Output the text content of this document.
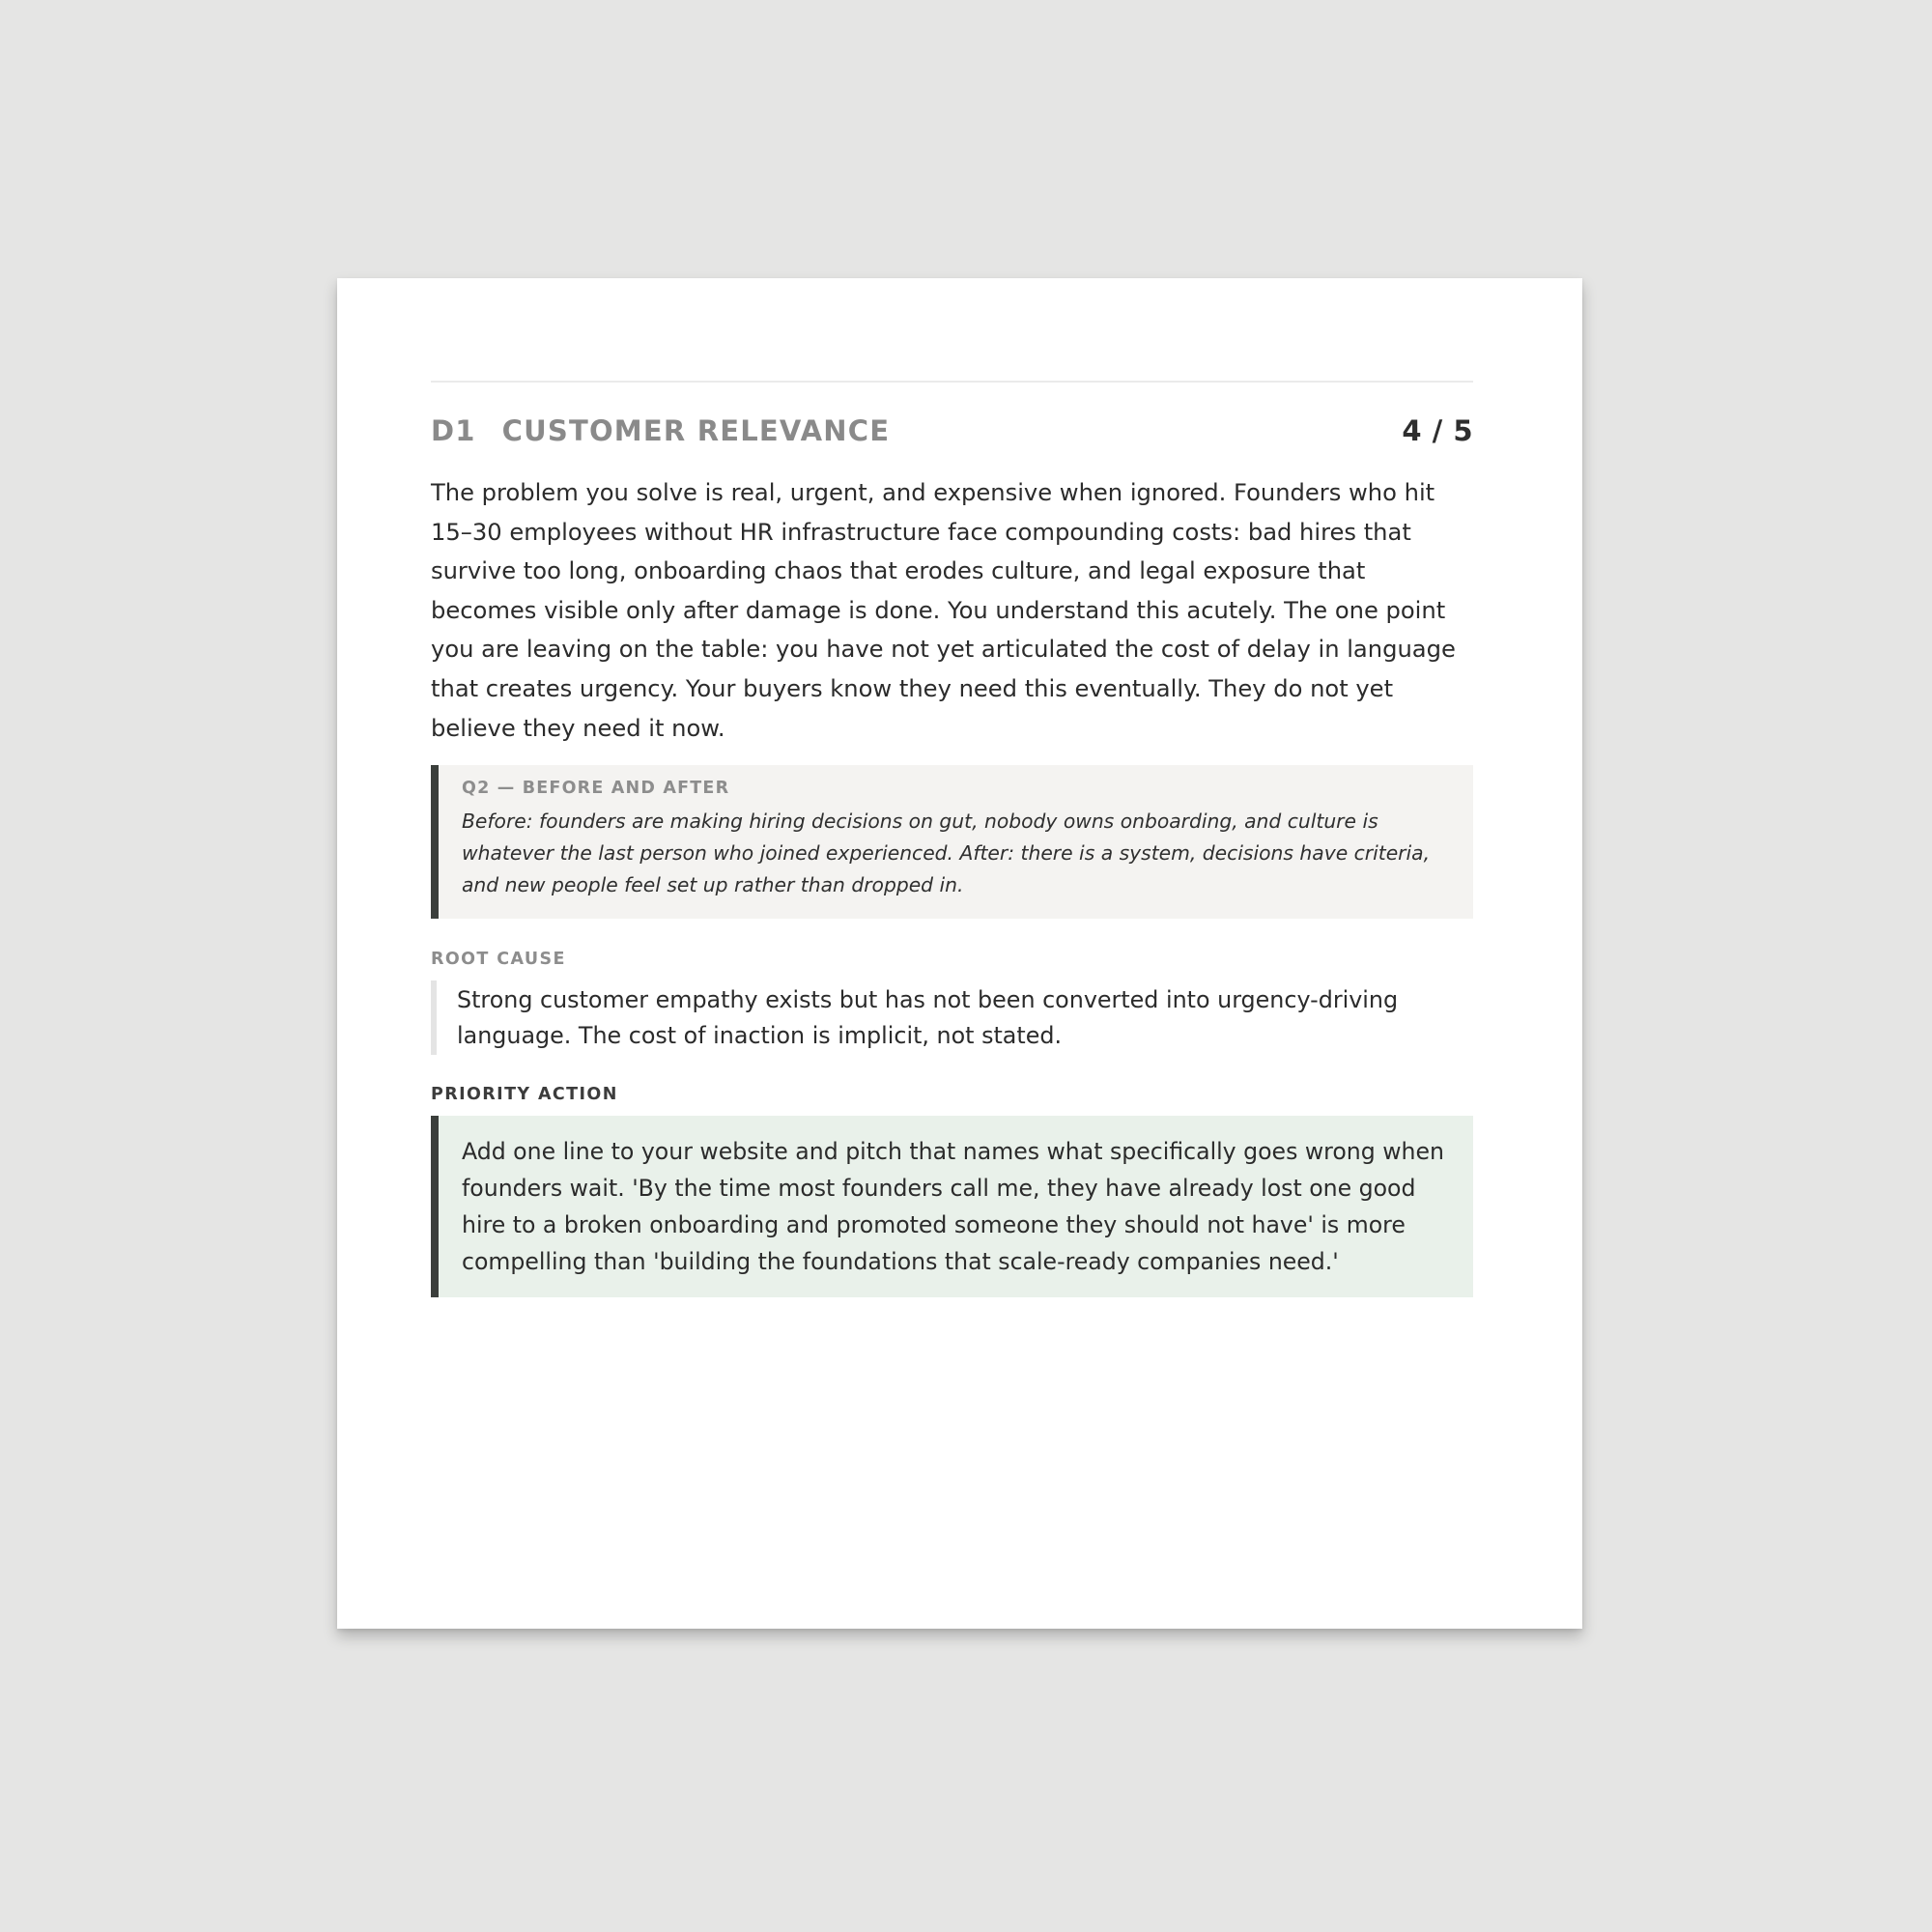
D1 CUSTOMER RELEVANCE	4 / 5

The problem you solve is real, urgent, and expensive when ignored. Founders who hit 15–30 employees without HR infrastructure face compounding costs: bad hires that survive too long, onboarding chaos that erodes culture, and legal exposure that becomes visible only after damage is done. You understand this acutely. The one point you are leaving on the table: you have not yet articulated the cost of delay in language that creates urgency. Your buyers know they need this eventually. They do not yet believe they need it now.

Q2 — BEFORE AND AFTER
Before: founders are making hiring decisions on gut, nobody owns onboarding, and culture is whatever the last person who joined experienced. After: there is a system, decisions have criteria, and new people feel set up rather than dropped in.
ROOT CAUSE
Strong customer empathy exists but has not been converted into urgency-driving language. The cost of inaction is implicit, not stated.
PRIORITY ACTION
Add one line to your website and pitch that names what specifically goes wrong when founders wait. 'By the time most founders call me, they have already lost one good hire to a broken onboarding and promoted someone they should not have' is more compelling than 'building the foundations that scale-ready companies need.'
